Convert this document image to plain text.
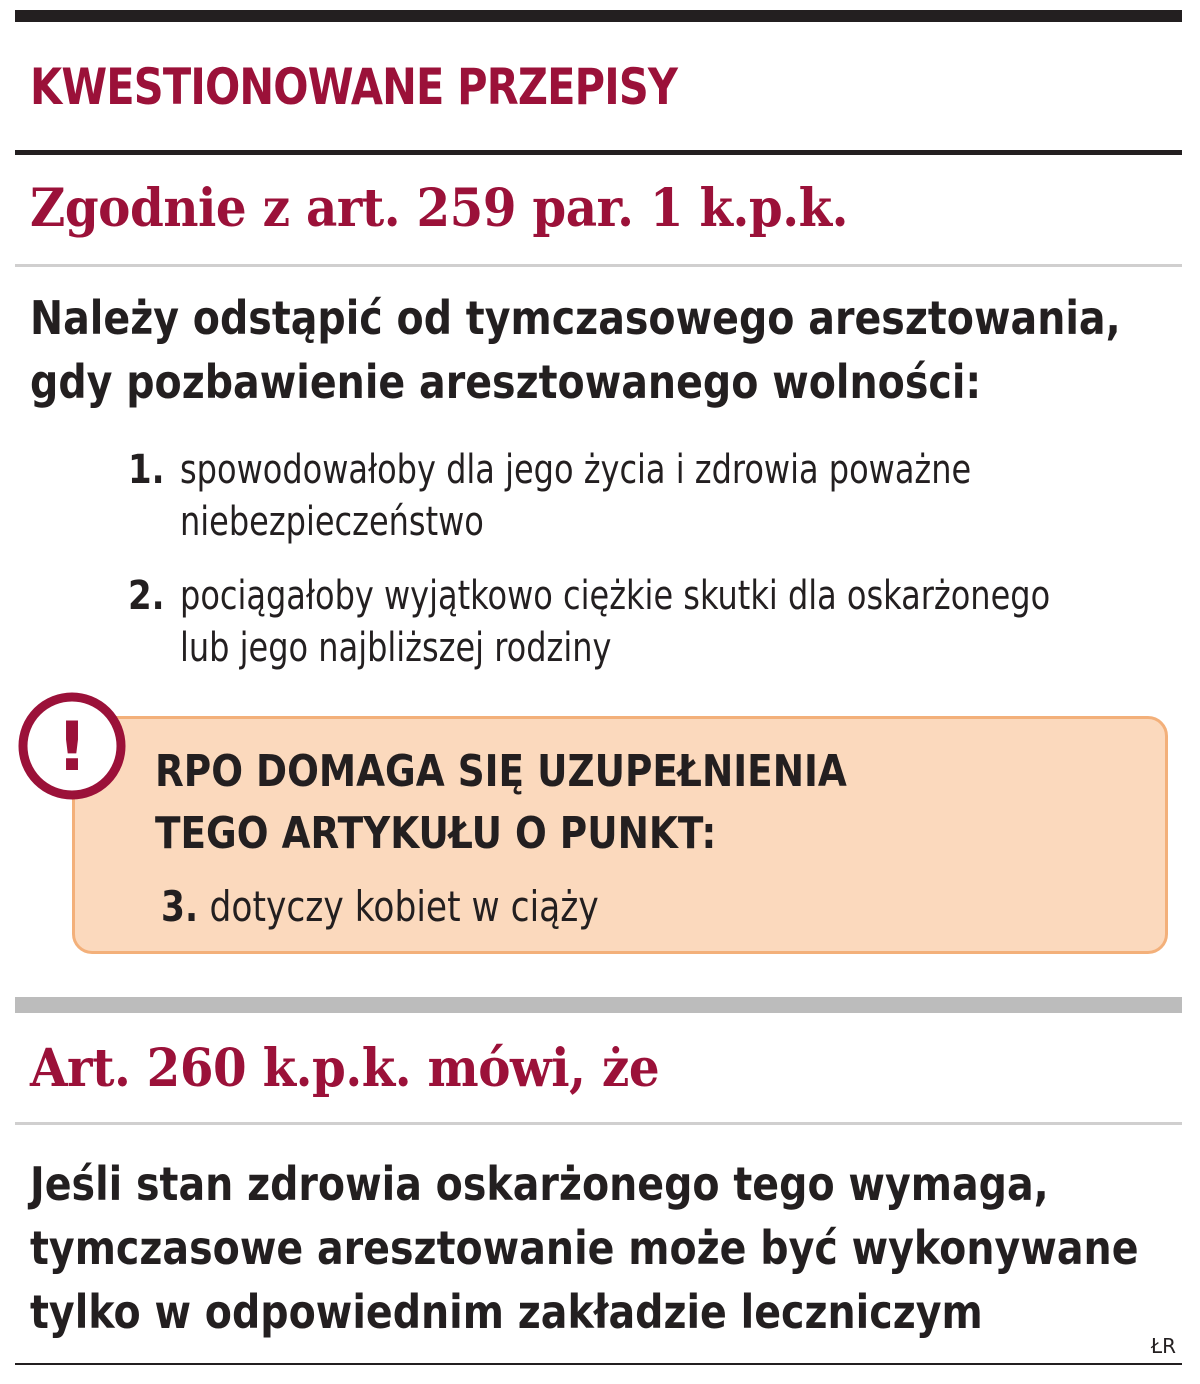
KWESTIONOWANE PRZEPISY
Zgodnie z art. 259 par. 1 k.p.k.

Należy odstąpić od tymczasowego aresztowania,
gdy pozbawienie aresztowanego wolności:

1. spowodowałoby dla jego życia i zdrowia poważne
niebezpieczeństwo
2. pociągałoby wyjątkowo ciężkie skutki dla oskarżonego
lub jego najbliższej rodziny

RPO DOMAGA SIĘ UZUPEŁNIENIA
TEGO ARTYKUŁU O PUNKT:

3. dotyczy kobiet w ciąży
!
Art. 260 k.p.k. mówi, że

Jeśli stan zdrowia oskarżonego tego wymaga,
tymczasowe aresztowanie może być wykonywane
tylko w odpowiednim zakładzie leczniczym

ŁR
